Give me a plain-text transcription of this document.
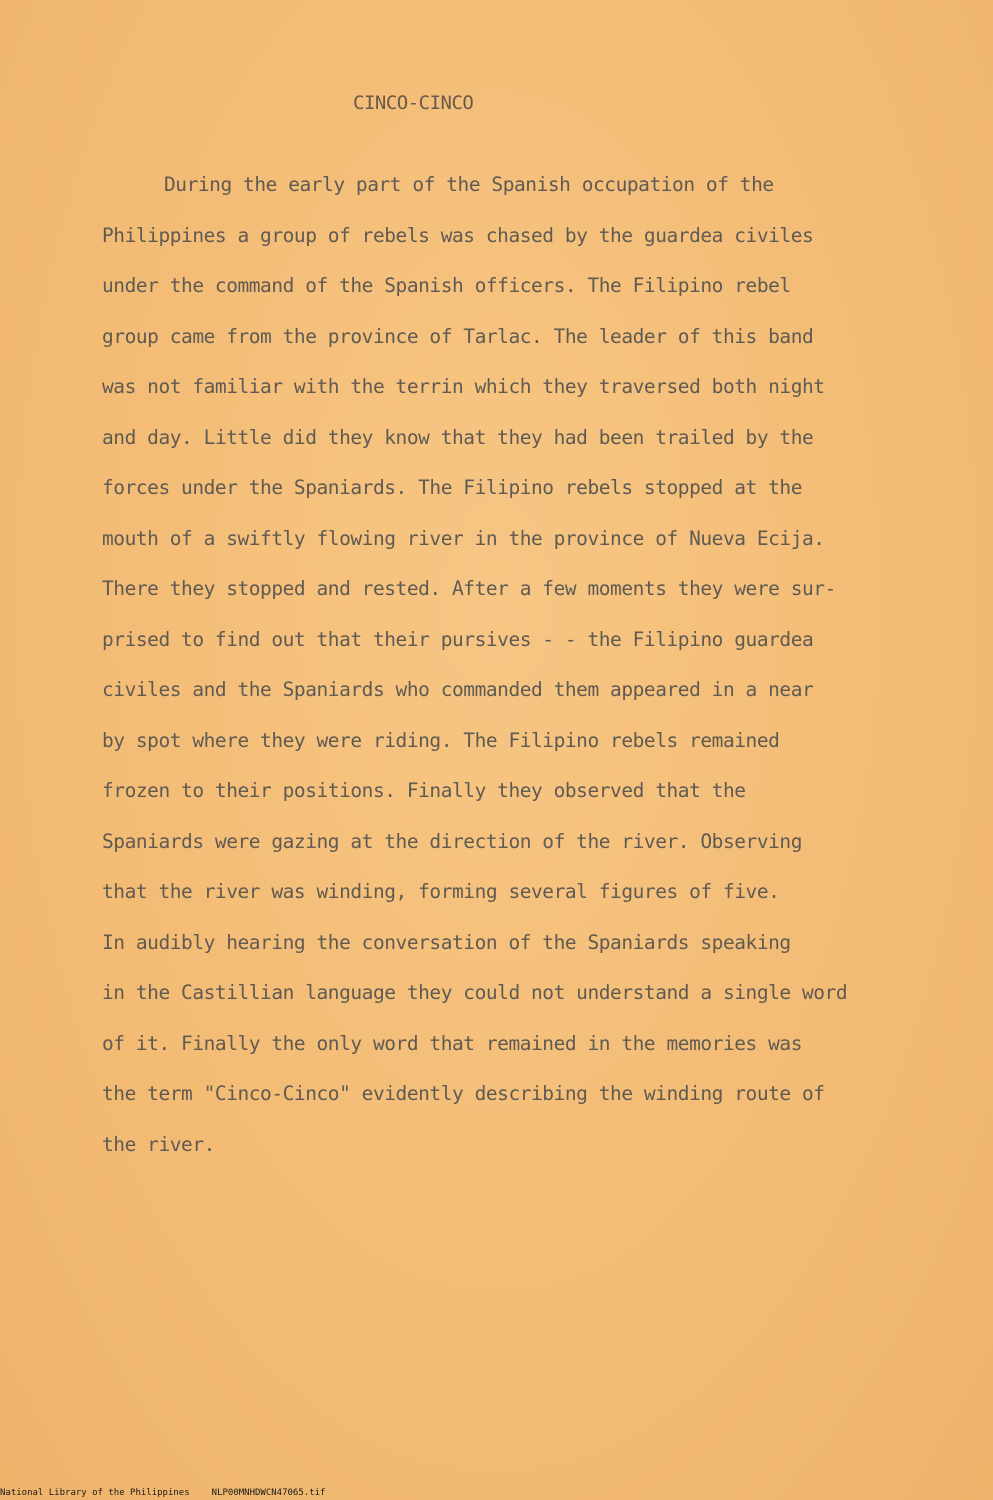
CINCO-CINCO
During the early part of the Spanish occupation of the
Philippines a group of rebels was chased by the guardea civiles
under the command of the Spanish officers. The Filipino rebel
group came from the province of Tarlac. The leader of this band
was not familiar with the terrin which they traversed both night
and day. Little did they know that they had been trailed by the
forces under the Spaniards. The Filipino rebels stopped at the
mouth of a swiftly flowing river in the province of Nueva Ecija.
There they stopped and rested. After a few moments they were sur-
prised to find out that their pursives - - the Filipino guardea
civiles and the Spaniards who commanded them appeared in a near
by spot where they were riding. The Filipino rebels remained
frozen to their positions. Finally they observed that the
Spaniards were gazing at the direction of the river. Observing
that the river was winding, forming several figures of five.
In audibly hearing the conversation of the Spaniards speaking
in the Castillian language they could not understand a single word
of it. Finally the only word that remained in the memories was
the term "Cinco-Cinco" evidently describing the winding route of
the river.
National Library of the Philippines NLP00MNHDWCN47065.tif
